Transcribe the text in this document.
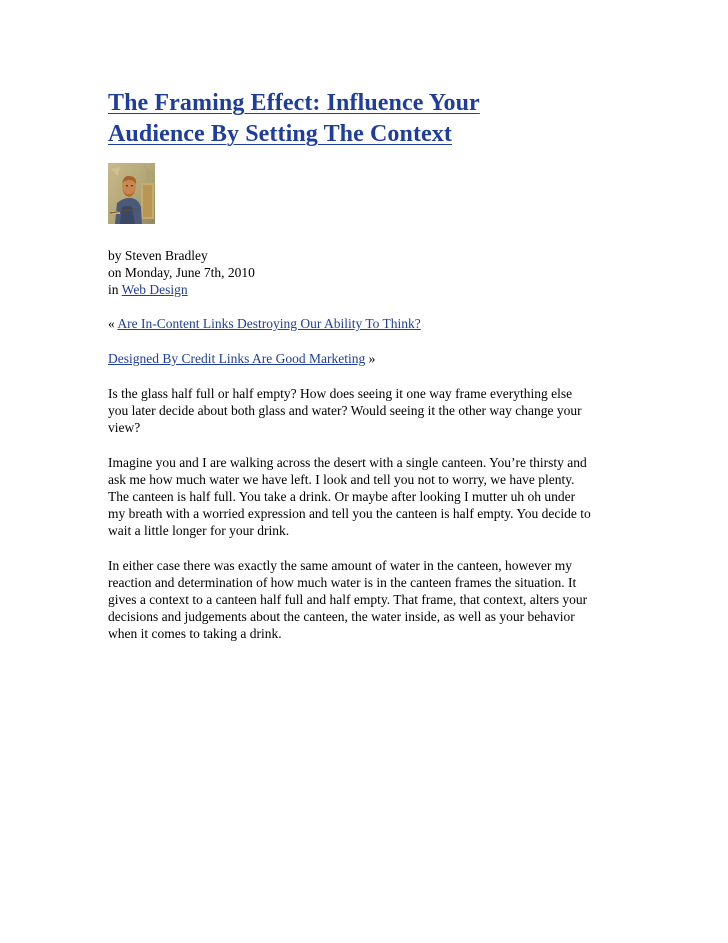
The Framing Effect: Influence Your
Audience By Setting The Context
by Steven Bradley
on Monday, June 7th, 2010
in Web Design

« Are In-Content Links Destroying Our Ability To Think?

Designed By Credit Links Are Good Marketing »

Is the glass half full or half empty? How does seeing it one way frame everything else
you later decide about both glass and water? Would seeing it the other way change your
view?

Imagine you and I are walking across the desert with a single canteen. You’re thirsty and
ask me how much water we have left. I look and tell you not to worry, we have plenty.
The canteen is half full. You take a drink. Or maybe after looking I mutter uh oh under
my breath with a worried expression and tell you the canteen is half empty. You decide to
wait a little longer for your drink.

In either case there was exactly the same amount of water in the canteen, however my
reaction and determination of how much water is in the canteen frames the situation. It
gives a context to a canteen half full and half empty. That frame, that context, alters your
decisions and judgements about the canteen, the water inside, as well as your behavior
when it comes to taking a drink.
